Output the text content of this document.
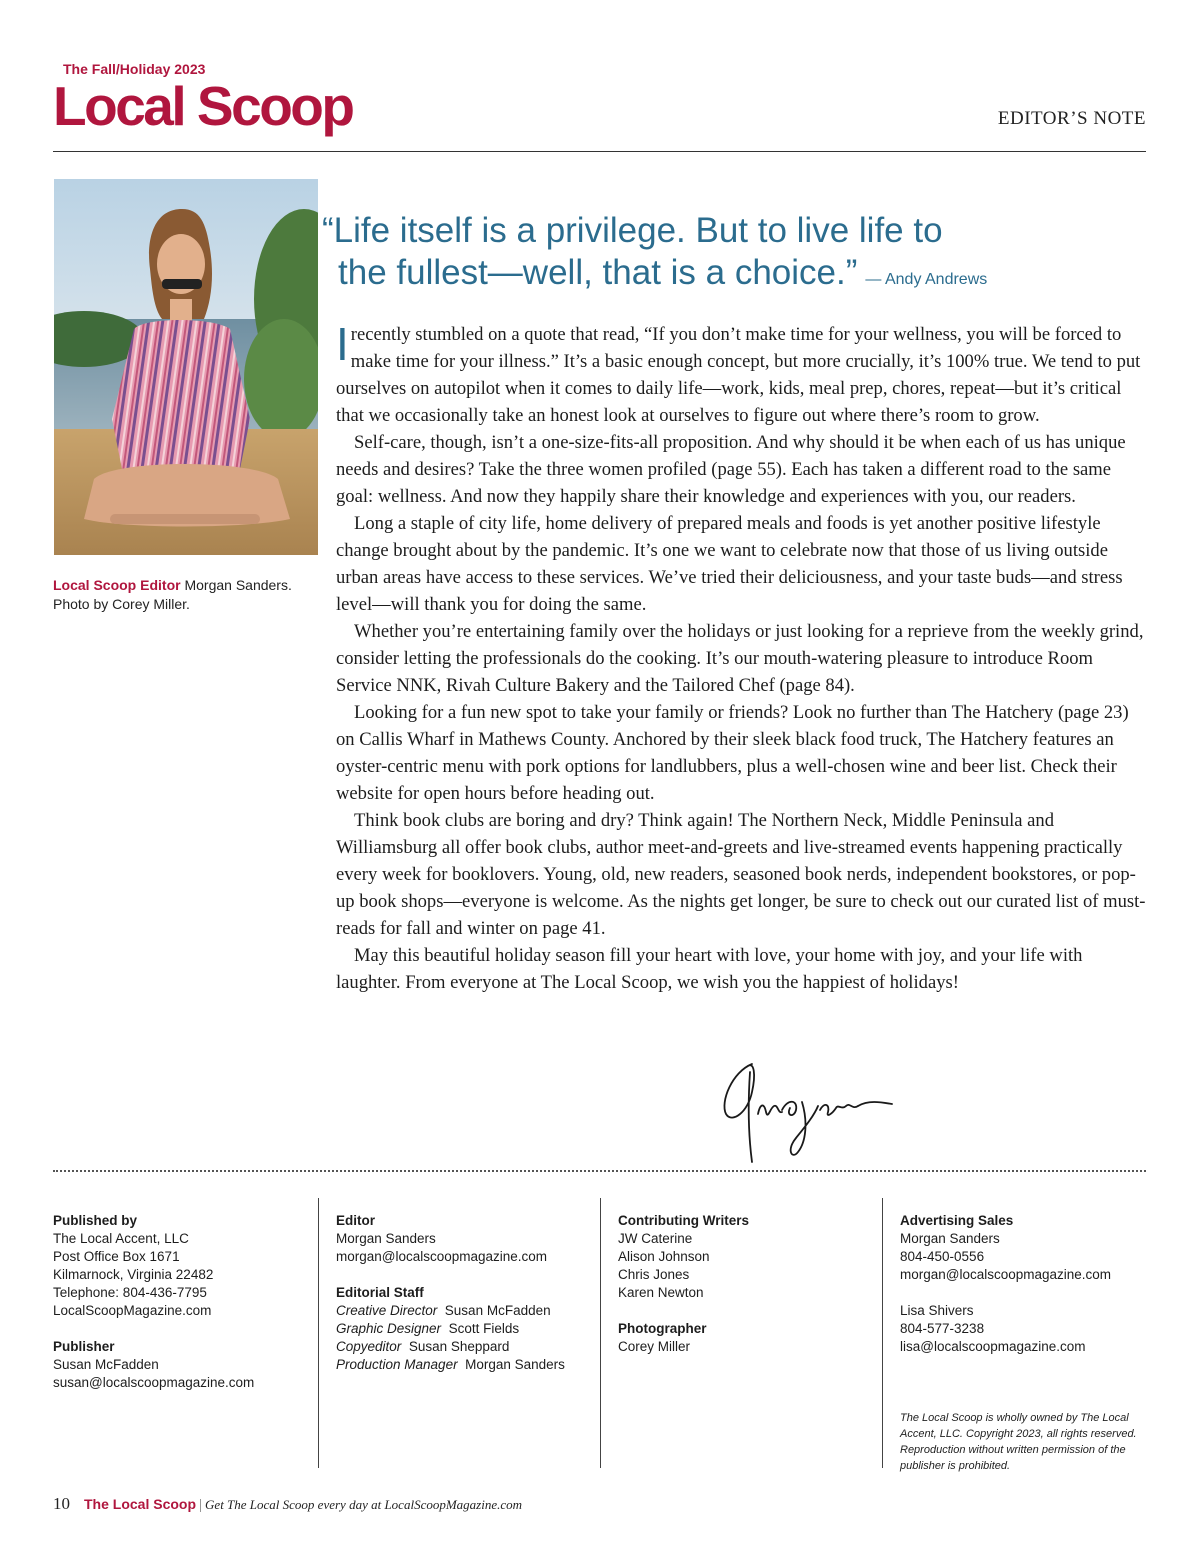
The Fall/Holiday 2023
Local Scoop	EDITOR’S NOTE
Local Scoop Editor Morgan Sanders.
Photo by Corey Miller.
“Life itself is a privilege. But to live life to
the fullest—well, that is a choice.” — Andy Andrews

Irecently stumbled on a quote that read, “If you don’t make time for your wellness, you will be forced to make time for your illness.” It’s a basic enough concept, but more crucially, it’s 100% true. We tend to put ourselves on autopilot when it comes to daily life—work, kids, meal prep, chores, repeat—but it’s critical that we occasionally take an honest look at ourselves to figure out where there’s room to grow.

Self-care, though, isn’t a one-size-fits-all proposition. And why should it be when each of us has unique needs and desires? Take the three women profiled (page 55). Each has taken a different road to the same goal: wellness. And now they happily share their knowledge and experiences with you, our readers.

Long a staple of city life, home delivery of prepared meals and foods is yet another positive lifestyle change brought about by the pandemic. It’s one we want to celebrate now that those of us living outside urban areas have access to these services. We’ve tried their deliciousness, and your taste buds—and stress level—will thank you for doing the same.

Whether you’re entertaining family over the holidays or just looking for a reprieve from the weekly grind, consider letting the professionals do the cooking. It’s our mouth-watering pleasure to introduce Room Service NNK, Rivah Culture Bakery and the Tailored Chef (page 84).

Looking for a fun new spot to take your family or friends? Look no further than The Hatchery (page 23) on Callis Wharf in Mathews County. Anchored by their sleek black food truck, The Hatchery features an oyster-centric menu with pork options for landlubbers, plus a well-chosen wine and beer list. Check their website for open hours before heading out.

Think book clubs are boring and dry? Think again! The Northern Neck, Middle Peninsula and Williamsburg all offer book clubs, author meet-and-greets and live-streamed events happening practically every week for booklovers. Young, old, new readers, seasoned book nerds, independent bookstores, or pop-up book shops—everyone is welcome. As the nights get longer, be sure to check out our curated list of must-reads for fall and winter on page 41.

May this beautiful holiday season fill your heart with love, your home with joy, and your life with laughter. From everyone at The Local Scoop, we wish you the happiest of holidays!

Published by
The Local Accent, LLC
Post Office Box 1671
Kilmarnock, Virginia 22482
Telephone: 804-436-7795
LocalScoopMagazine.com
Publisher
Susan McFadden
susan@localscoopmagazine.com
Editor
Morgan Sanders
morgan@localscoopmagazine.com
Editorial Staff
Creative Director Susan McFadden
Graphic Designer Scott Fields
Copyeditor Susan Sheppard
Production Manager Morgan Sanders
Contributing Writers
JW Caterine
Alison Johnson
Chris Jones
Karen Newton
Photographer
Corey Miller
Advertising Sales
Morgan Sanders
804-450-0556
morgan@localscoopmagazine.com
Lisa Shivers
804-577-3238
lisa@localscoopmagazine.com
The Local Scoop is wholly owned by The Local Accent, LLC. Copyright 2023, all rights reserved. Reproduction without written permission of the publisher is prohibited.
10 The Local Scoop | Get The Local Scoop every day at LocalScoopMagazine.com
